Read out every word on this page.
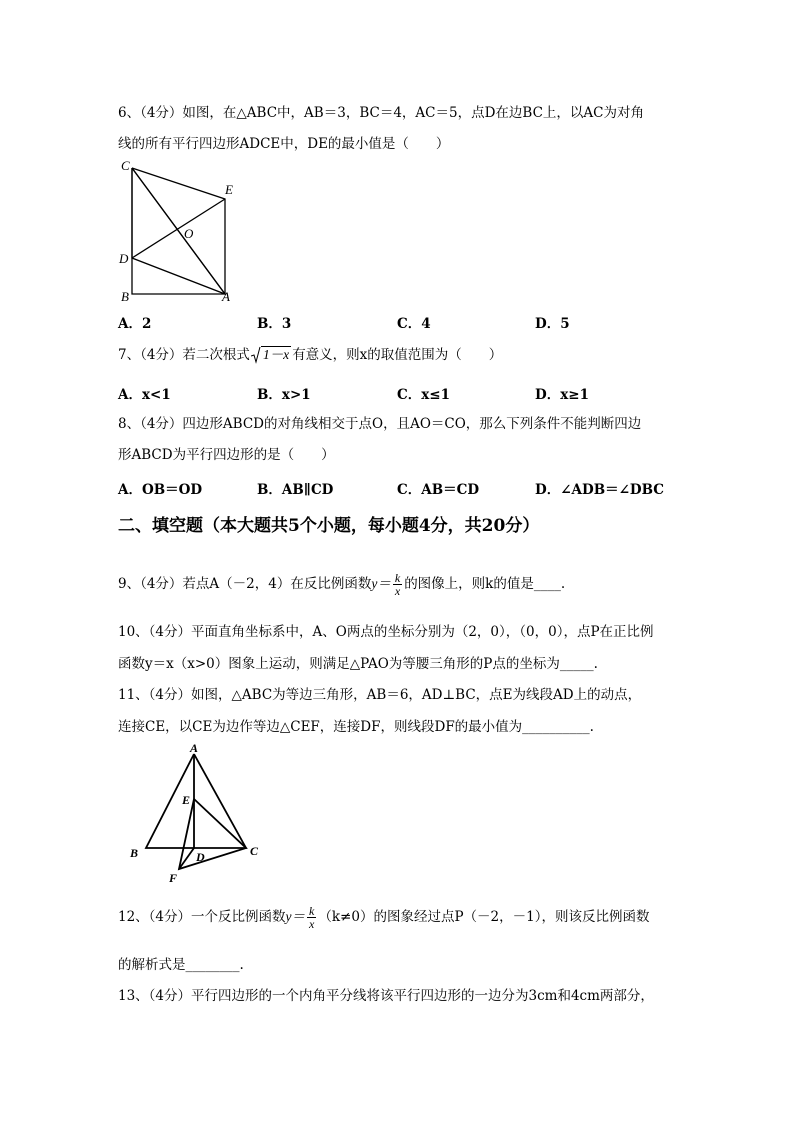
6、（4分）如图，在△ABC中，AB＝3，BC＝4，AC＝5，点D在边BC上，以AC为对角
线的所有平行四边形ADCE中，DE的最小值是（　　）
C
E
O
D
B	A
A．2	B．3	C．4	D．5
7、（4分）若二次根式 1－x 有意义，则x的取值范围为（　　）
A．x<1	B．x>1	C．x≤1	D．x≥1
8、（4分）四边形ABCD的对角线相交于点O，且AO＝CO，那么下列条件不能判断四边
形ABCD为平行四边形的是（　　）
A．OB＝OD	B．AB∥CD	C．AB＝CD	D．∠ADB＝∠DBC
二、填空题（本大题共5个小题，每小题4分，共20分）
9、（4分）若点A（－2，4）在反比例函数$y= \frac{k}{x}$ 的图像上，则k的值是____.
10、（4分）平面直角坐标系中，A、O两点的坐标分别为（2，0），（0，0），点P在正比例
函数y＝x（x>0）图象上运动，则满足△PAO为等腰三角形的P点的坐标为_____.
11、（4分）如图，△ABC为等边三角形，AB＝6，AD⊥BC，点E为线段AD上的动点，
连接CE，以CE为边作等边△CEF，连接DF，则线段DF的最小值为__________.
A
E
B	D	C
F
12、（4分）一个反比例函数$y= \frac{k}{x} (k\ne 0)$的图象经过点P（－2，－1），则该反比例函数
的解析式是________.
13、（4分）平行四边形的一个内角平分线将该平行四边形的一边分为3cm和4cm两部分，
